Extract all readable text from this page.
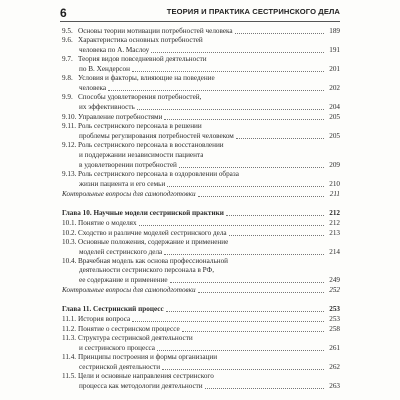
6	ТЕОРИЯ И ПРАКТИКА СЕСТРИНСКОГО ДЕЛА
9.5. Основы теории мотивации потребностей человека	189
9.6. Характеристика основных потребностей
человека по А. Маслоу	191
9.7. Теория видов повседневной деятельности
по В. Хендерсон	201
9.8. Условия и факторы, влияющие на поведение
человека	202
9.9. Способы удовлетворения потребностей,
их эффективность	204
9.10. Управление потребностями	205
9.11. Роль сестринского персонала в решении
проблемы регулирования потребностей человеком	205
9.12. Роль сестринского персонала в восстановлении
и поддержании независимости пациента
в удовлетворении потребностей	209
9.13. Роль сестринского персонала в оздоровлении образа
жизни пациента и его семьи	210
Контрольные вопросы для самоподготовки	211
Глава 10. Научные модели сестринской практики	212
10.1. Понятие о моделях	212
10.2. Сходство и различие моделей сестринского дела	213
10.3. Основные положения, содержание и применение
моделей сестринского дела	214
10.4. Врачебная модель как основа профессиональной
деятельности сестринского персонала в РФ,
ее содержание и применение	249
Контрольные вопросы для самоподготовки	252
Глава 11. Сестринский процесс	253
11.1. История вопроса	253
11.2. Понятие о сестринском процессе	258
11.3. Структура сестринской деятельности
и сестринского процесса	261
11.4. Принципы построения и формы организации
сестринской деятельности	262
11.5. Цели и основные направления сестринского
процесса как методологии деятельности	263
